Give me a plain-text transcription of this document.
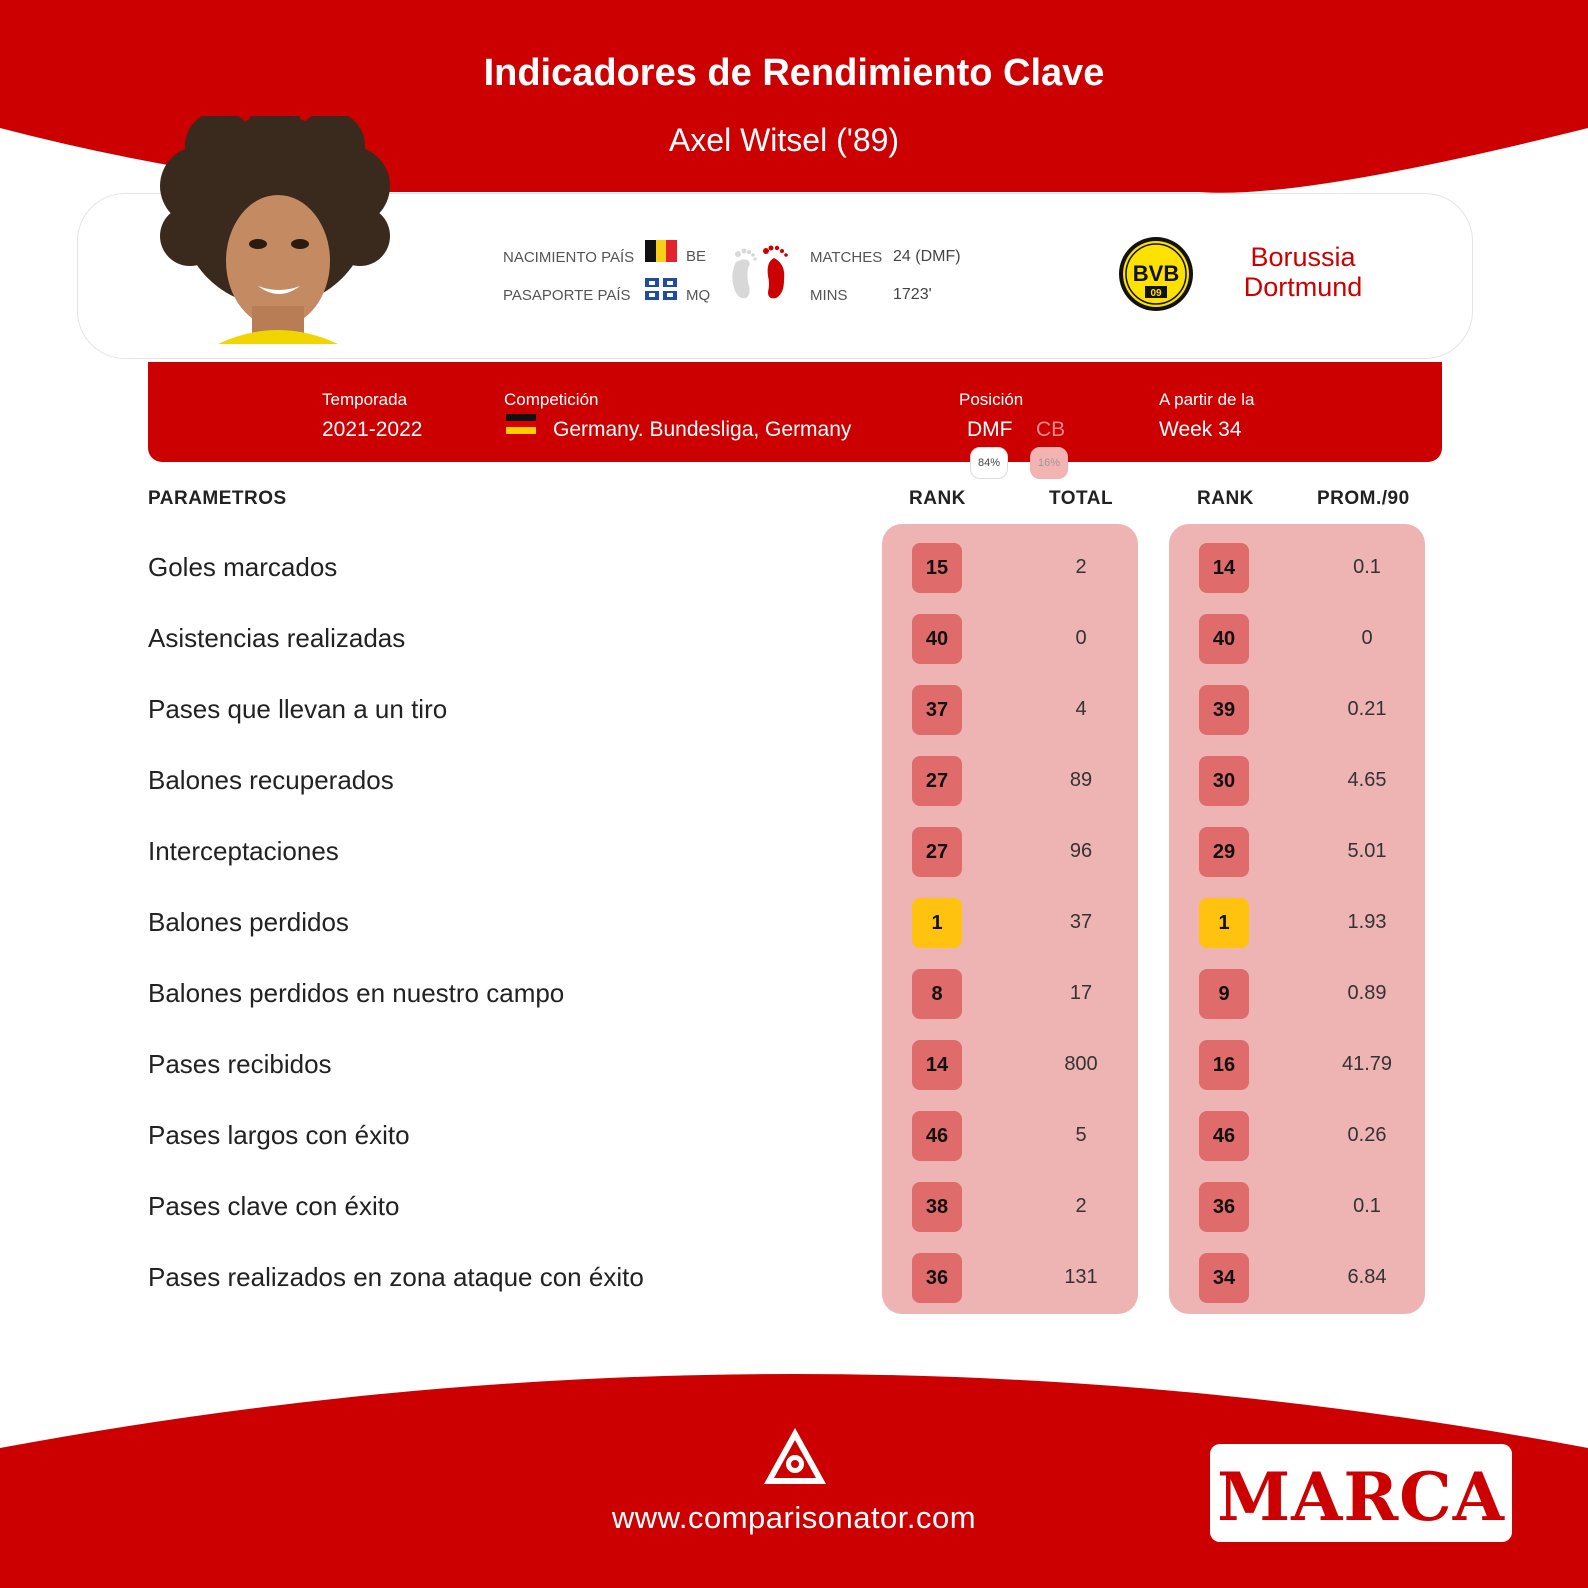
Indicadores de Rendimiento Clave
Axel Witsel ('89)
NACIMIENTO PAÍS	BE
PASAPORTE PAÍS	MQ
MATCHES 24 (DMF)
MINS	1723'
BVB
09
Borussia
Dortmund
Temporada
2021-2022
Competición
Germany. Bundesliga, Germany
Posición
DMF CB
84%	16%
A partir de la
Week 34
PARAMETROS	RANK	TOTAL	RANK	PROM./90
Goles marcados	15	2	14	0.1
Asistencias realizadas	40	0	40	0
Pases que llevan a un tiro	37	4	39	0.21
Balones recuperados	27	89	30	4.65
Interceptaciones	27	96	29	5.01
Balones perdidos	1	37	1	1.93
Balones perdidos en nuestro campo	8	17	9	0.89
Pases recibidos	14	800	16	41.79
Pases largos con éxito	46	5	46	0.26
Pases clave con éxito	38	2	36	0.1
Pases realizados en zona ataque con éxito	36	131	34	6.84
www.comparisonator.com	MARCA
